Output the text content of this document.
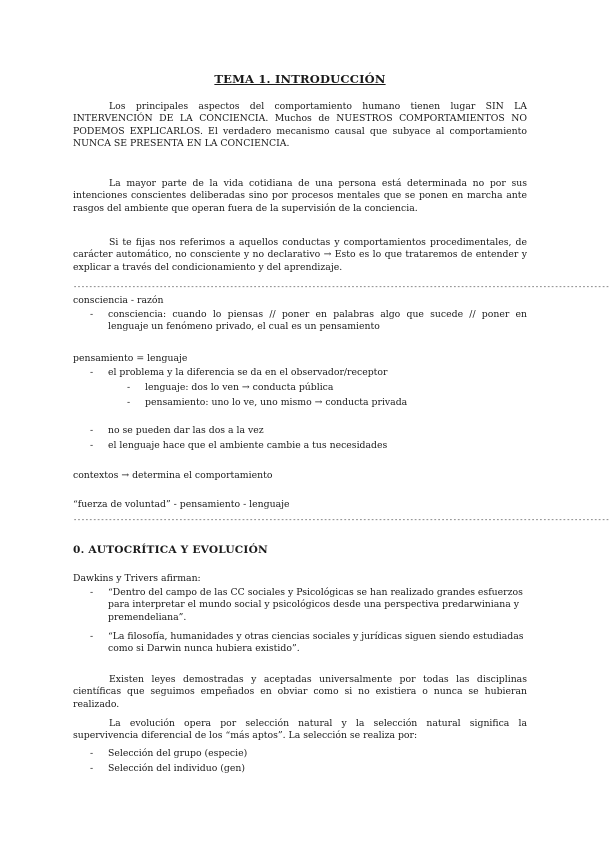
TEMA 1. INTRODUCCIÓN
Los principales aspectos del comportamiento humano tienen lugar SIN LA INTERVENCIÓN DE LA CONCIENCIA. Muchos de NUESTROS COMPORTAMIENTOS NO PODEMOS EXPLICARLOS. El verdadero mecanismo causal que subyace al comportamiento NUNCA SE PRESENTA EN LA CONCIENCIA.
La mayor parte de la vida cotidiana de una persona está determinada no por sus intenciones conscientes deliberadas sino por procesos mentales que se ponen en marcha ante rasgos del ambiente que operan fuera de la supervisión de la conciencia.
Si te fijas nos referimos a aquellos conductas y comportamientos procedimentales, de carácter automático, no consciente y no declarativo → Esto es lo que trataremos de entender y explicar a través del condicionamiento y del aprendizaje.
-----------------------------------------------------------------------------------------------------------------------------------------
consciencia - razón
- consciencia: cuando lo piensas // poner en palabras algo que sucede // poner en lenguaje un fenómeno privado, el cual es un pensamiento
pensamiento = lenguaje
- el problema y la diferencia se da en el observador/receptor
- lenguaje: dos lo ven → conducta pública
- pensamiento: uno lo ve, uno mismo → conducta privada
- no se pueden dar las dos a la vez
- el lenguaje hace que el ambiente cambie a tus necesidades
contextos → determina el comportamiento
“fuerza de voluntad” - pensamiento - lenguaje
-----------------------------------------------------------------------------------------------------------------------------------------
0. AUTOCRÍTICA Y EVOLUCIÓN
Dawkins y Trivers afirman:
- “Dentro del campo de las CC sociales y Psicológicas se han realizado grandes esfuerzos para interpretar el mundo social y psicológicos desde una perspectiva predarwiniana y premendeliana”.
- “La filosofía, humanidades y otras ciencias sociales y jurídicas siguen siendo estudiadas como si Darwin nunca hubiera existido”.
Existen leyes demostradas y aceptadas universalmente por todas las disciplinas científicas que seguimos empeñados en obviar como si no existiera o nunca se hubieran realizado.
La evolución opera por selección natural y la selección natural significa la supervivencia diferencial de los “más aptos”. La selección se realiza por:
- Selección del grupo (especie)
- Selección del individuo (gen)
